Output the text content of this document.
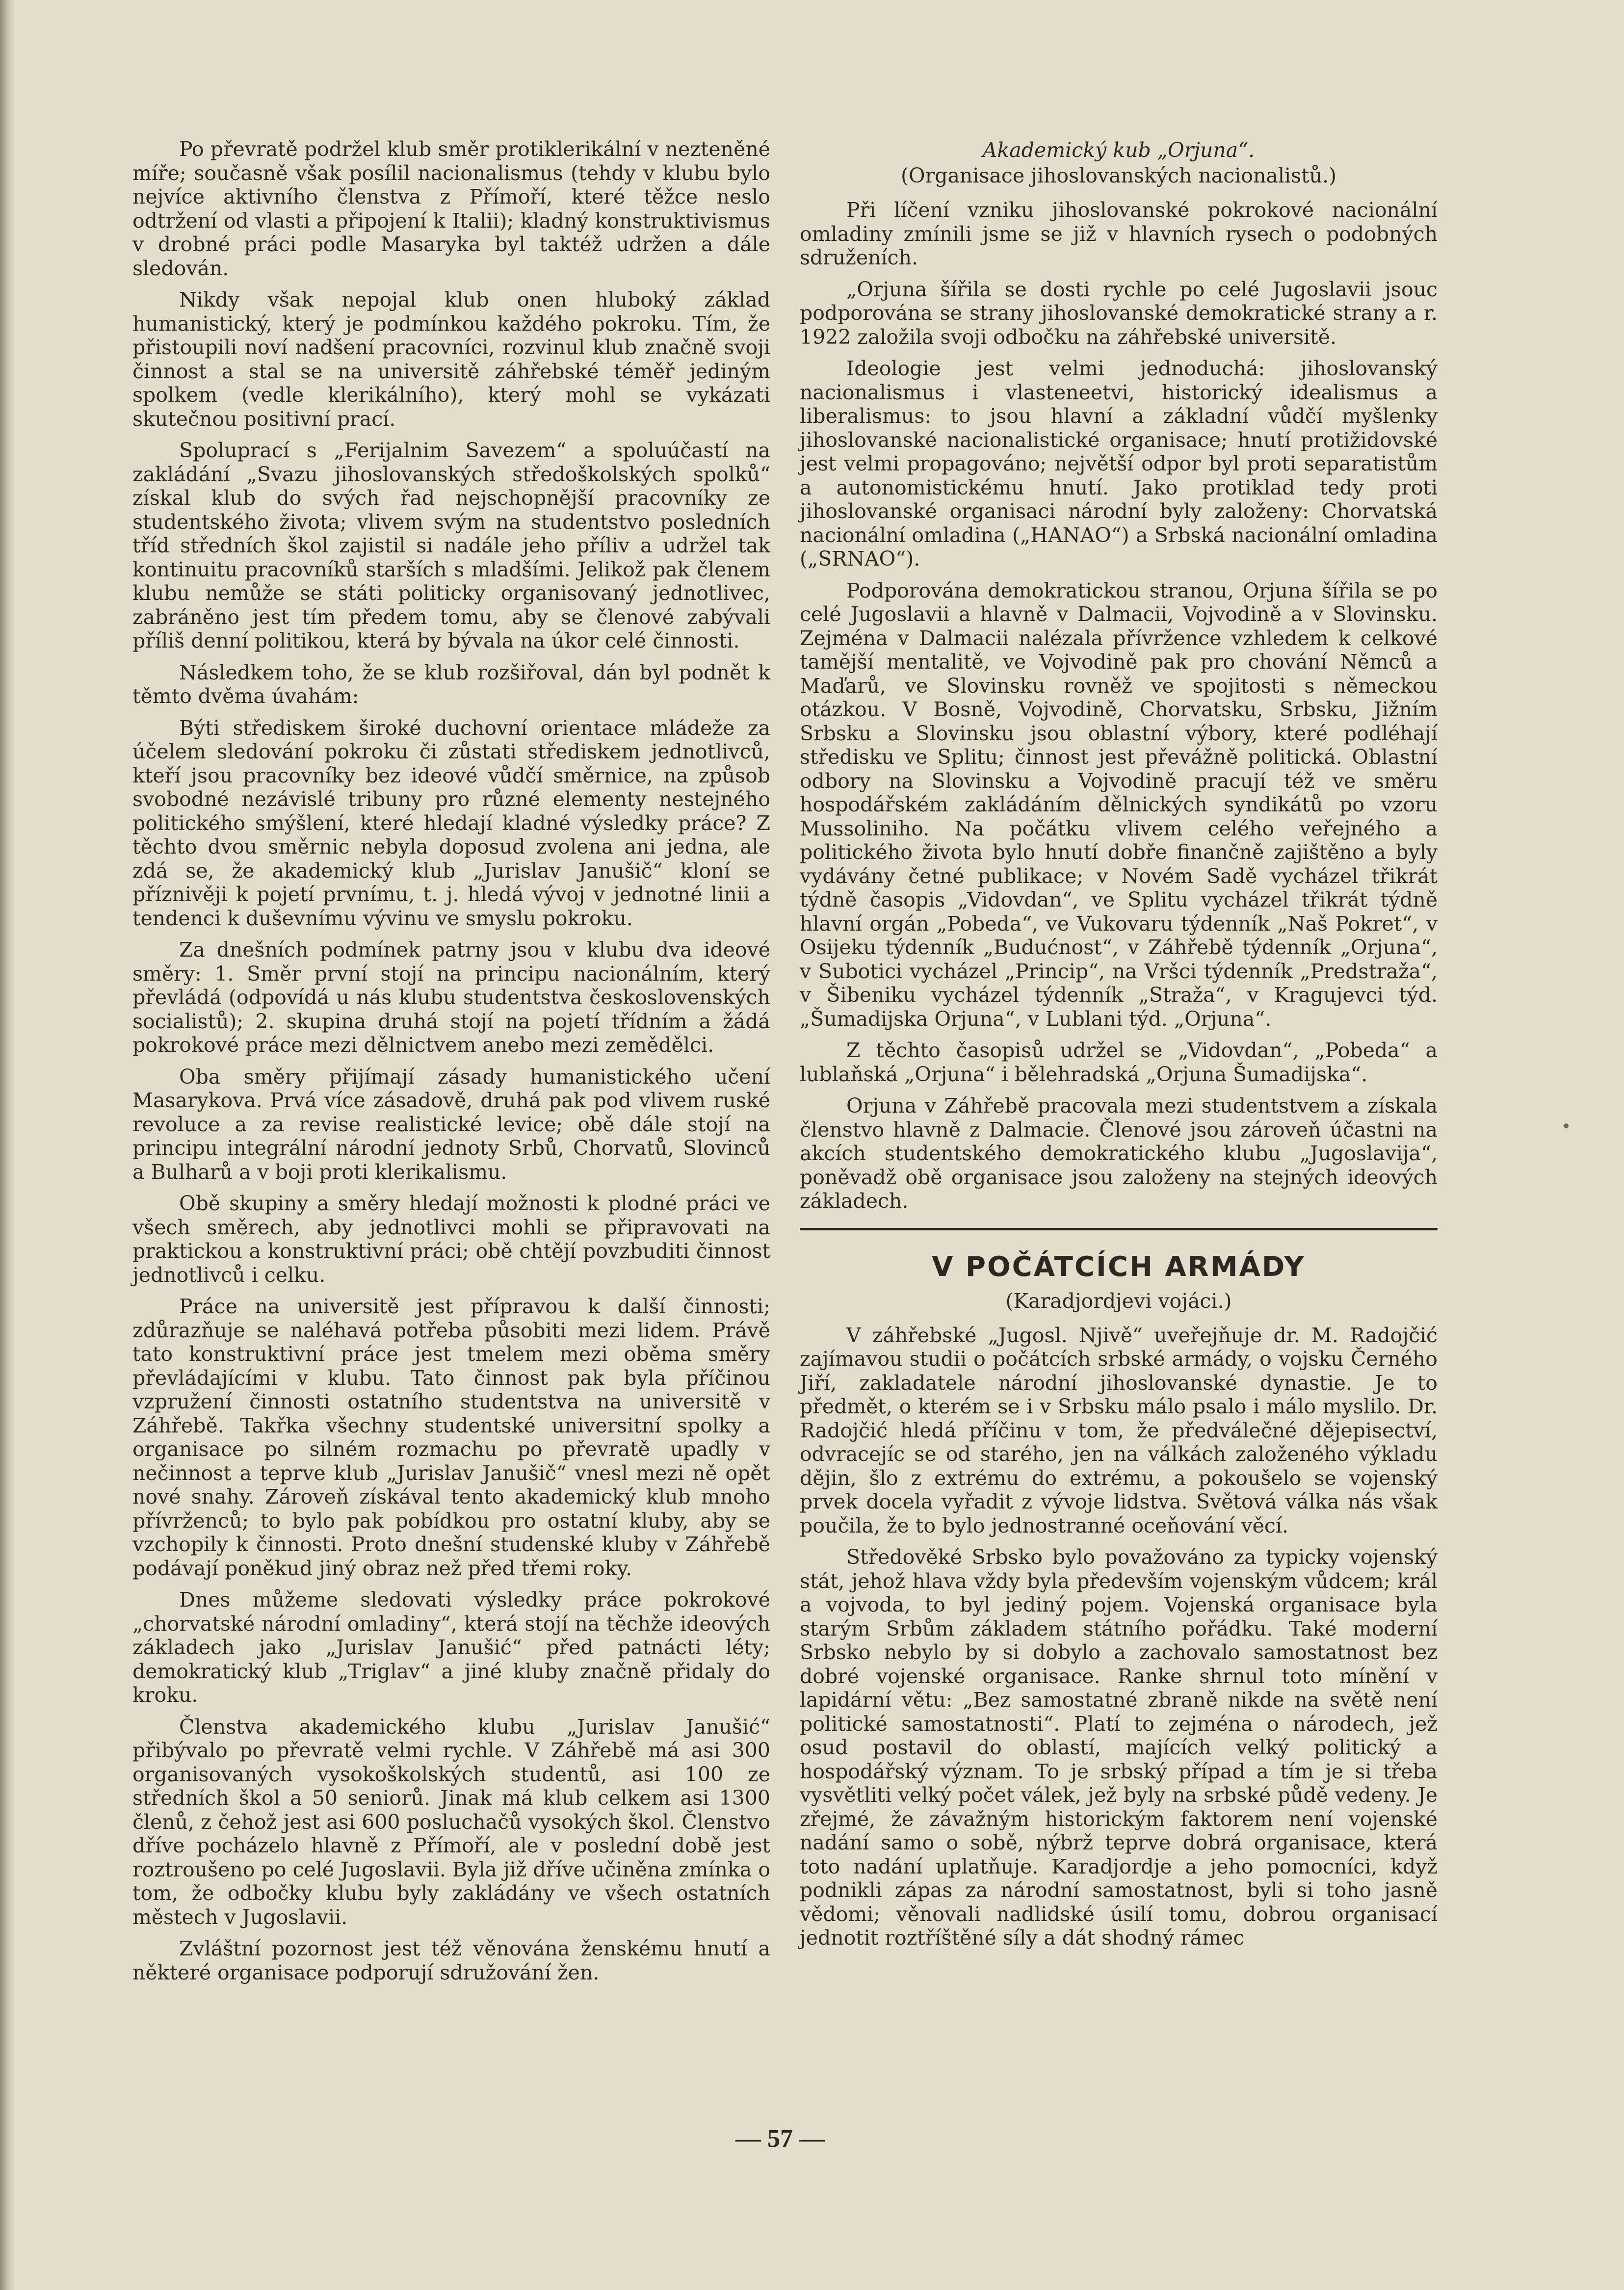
Po převratě podržel klub směr protiklerikální v nezteněné míře; současně však posílil nacionalismus (tehdy v klubu bylo nejvíce aktivního členstva z Přímoří, které těžce neslo odtržení od vlasti a připojení k Italii); kladný konstruktivismus v drobné práci podle Masaryka byl taktéž udržen a dále sledován.

Nikdy však nepojal klub onen hluboký základ humanistický, který je podmínkou každého pokroku. Tím, že přistoupili noví nadšení pracovníci, rozvinul klub značně svoji činnost a stal se na universitě záhřebské téměř jediným spolkem (vedle klerikálního), který mohl se vykázati skutečnou positivní prací.

Spoluprací s „Ferijalnim Savezem“ a spoluúčastí na zakládání „Svazu jihoslovanských středoškolských spolků“ získal klub do svých řad nejschopnější pracovníky ze studentského života; vlivem svým na studentstvo posledních tříd středních škol zajistil si nadále jeho příliv a udržel tak kontinuitu pracovníků starších s mladšími. Jelikož pak členem klubu nemůže se státi politicky organisovaný jednotlivec, zabráněno jest tím předem tomu, aby se členové zabývali příliš denní politikou, která by bývala na úkor celé činnosti.

Následkem toho, že se klub rozšiřoval, dán byl podnět k těmto dvěma úvahám:

Býti střediskem široké duchovní orientace mládeže za účelem sledování pokroku či zůstati střediskem jednotlivců, kteří jsou pracovníky bez ideové vůdčí směrnice, na způsob svobodné nezávislé tribuny pro různé elementy nestejného politického smýšlení, které hledají kladné výsledky práce? Z těchto dvou směrnic nebyla doposud zvolena ani jedna, ale zdá se, že akademický klub „Jurislav Janušič“ kloní se příznivěji k pojetí prvnímu, t. j. hledá vývoj v jednotné linii a tendenci k duševnímu vývinu ve smyslu pokroku.

Za dnešních podmínek patrny jsou v klubu dva ideové směry: 1. Směr první stojí na principu nacionálním, který převládá (odpovídá u nás klubu studentstva československých socialistů); 2. skupina druhá stojí na pojetí třídním a žádá pokrokové práce mezi dělnictvem anebo mezi zemědělci.

Oba směry přijímají zásady humanistického učení Masarykova. Prvá více zásadově, druhá pak pod vlivem ruské revoluce a za revise realistické levice; obě dále stojí na principu integrální národní jednoty Srbů, Chorvatů, Slovinců a Bulharů a v boji proti klerikalismu.

Obě skupiny a směry hledají možnosti k plodné práci ve všech směrech, aby jednotlivci mohli se připravovati na praktickou a konstruktivní práci; obě chtějí povzbuditi činnost jednotlivců i celku.

Práce na universitě jest přípravou k další činnosti; zdůrazňuje se naléhavá potřeba působiti mezi lidem. Právě tato konstruktivní práce jest tmelem mezi oběma směry převládajícími v klubu. Tato činnost pak byla příčinou vzpružení činnosti ostatního studentstva na universitě v Záhřebě. Takřka všechny studentské universitní spolky a organisace po silném rozmachu po převratě upadly v nečinnost a teprve klub „Jurislav Janušič“ vnesl mezi ně opět nové snahy. Zároveň získával tento akademický klub mnoho přívrženců; to bylo pak pobídkou pro ostatní kluby, aby se vzchopily k činnosti. Proto dnešní studenské kluby v Záhřebě podávají poněkud jiný obraz než před třemi roky.

Dnes můžeme sledovati výsledky práce pokrokové „chorvatské národní omladiny“, která stojí na těchže ideových základech jako „Jurislav Janušić“ před patnácti léty; demokratický klub „Triglav“ a jiné kluby značně přidaly do kroku.

Členstva akademického klubu „Jurislav Janušić“ přibývalo po převratě velmi rychle. V Záhřebě má asi 300 organisovaných vysokoškolských studentů, asi 100 ze středních škol a 50 seniorů. Jinak má klub celkem asi 1300 členů, z čehož jest asi 600 posluchačů vysokých škol. Členstvo dříve pocházelo hlavně z Přímoří, ale v poslední době jest roztroušeno po celé Jugoslavii. Byla již dříve učiněna zmínka o tom, že odbočky klubu byly zakládány ve všech ostatních městech v Jugoslavii.

Zvláštní pozornost jest též věnována ženskému hnutí a některé organisace podporují sdružování žen.

Akademický kub „Orjuna“.
(Organisace jihoslovanských nacionalistů.)

Při líčení vzniku jihoslovanské pokrokové nacionální omladiny zmínili jsme se již v hlavních rysech o podobných sdruženích.

„Orjuna šířila se dosti rychle po celé Jugoslavii jsouc podporována se strany jihoslovanské demokratické strany a r. 1922 založila svoji odbočku na záhřebské universitě.

Ideologie jest velmi jednoduchá: jihoslovanský nacionalismus i vlasteneetvi, historický idealismus a liberalismus: to jsou hlavní a základní vůdčí myšlenky jihoslovanské nacionalistické organisace; hnutí protižidovské jest velmi propagováno; největší odpor byl proti separatistům a autonomistickému hnutí. Jako protiklad tedy proti jihoslovanské organisaci národní byly založeny: Chorvatská nacionální omladina („HANAO“) a Srbská nacionální omladina („SRNAO“).

Podporována demokratickou stranou, Orjuna šířila se po celé Jugoslavii a hlavně v Dalmacii, Vojvodině a v Slovinsku. Zejména v Dalmacii nalézala přívržence vzhledem k celkové tamější mentalitě, ve Vojvodině pak pro chování Němců a Maďarů, ve Slovinsku rovněž ve spojitosti s německou otázkou. V Bosně, Vojvodině, Chorvatsku, Srbsku, Jižním Srbsku a Slovinsku jsou oblastní výbory, které podléhají středisku ve Splitu; činnost jest převážně politická. Oblastní odbory na Slovinsku a Vojvodině pracují též ve směru hospodářském zakládáním dělnických syndikátů po vzoru Mussoliniho. Na počátku vlivem celého veřejného a politického života bylo hnutí dobře finančně zajištěno a byly vydávány četné publikace; v Novém Sadě vycházel třikrát týdně časopis „Vidovdan“, ve Splitu vycházel třikrát týdně hlavní orgán „Pobeda“, ve Vukovaru týdenník „Naš Pokret“, v Osijeku týdenník „Budućnost“, v Záhřebě týdenník „Orjuna“, v Subotici vycházel „Princip“, na Vršci týdenník „Predstraža“, v Šibeniku vycházel týdenník „Straža“, v Kragujevci týd. „Šumadijska Orjuna“, v Lublani týd. „Orjuna“.

Z těchto časopisů udržel se „Vidovdan“, „Pobeda“ a lublaňská „Orjuna“ i bělehradská „Orjuna Šumadijska“.

Orjuna v Záhřebě pracovala mezi studentstvem a získala členstvo hlavně z Dalmacie. Členové jsou zároveň účastni na akcích studentského demokratického klubu „Jugoslavija“, poněvadž obě organisace jsou založeny na stejných ideových základech.

V POČÁTCÍCH ARMÁDY
(Karadjordjevi vojáci.)

V záhřebské „Jugosl. Njivě“ uveřejňuje dr. M. Radojčić zajímavou studii o počátcích srbské armády, o vojsku Černého Jiří, zakladatele národní jihoslovanské dynastie. Je to předmět, o kterém se i v Srbsku málo psalo i málo myslilo. Dr. Radojčić hledá příčinu v tom, že předválečné dějepisectví, odvracejíc se od starého, jen na válkách založeného výkladu dějin, šlo z extrému do extrému, a pokoušelo se vojenský prvek docela vyřadit z vývoje lidstva. Světová válka nás však poučila, že to bylo jednostranné oceňování věcí.

Středověké Srbsko bylo považováno za typicky vojenský stát, jehož hlava vždy byla především vojenským vůdcem; král a vojvoda, to byl jediný pojem. Vojenská organisace byla starým Srbům základem státního pořádku. Také moderní Srbsko nebylo by si dobylo a zachovalo samostatnost bez dobré vojenské organisace. Ranke shrnul toto mínění v lapidární větu: „Bez samostatné zbraně nikde na světě není politické samostatnosti“. Platí to zejména o národech, jež osud postavil do oblastí, majících velký politický a hospodářský význam. To je srbský případ a tím je si třeba vysvětliti velký počet válek, jež byly na srbské půdě vedeny. Je zřejmé, že závažným historickým faktorem není vojenské nadání samo o sobě, nýbrž teprve dobrá organisace, která toto nadání uplatňuje. Karadjordje a jeho pomocníci, když podnikli zápas za národní samostatnost, byli si toho jasně vědomi; věnovali nadlidské úsilí tomu, dobrou organisací jednotit roztříštěné síly a dát shodný rámec

— 57 —
